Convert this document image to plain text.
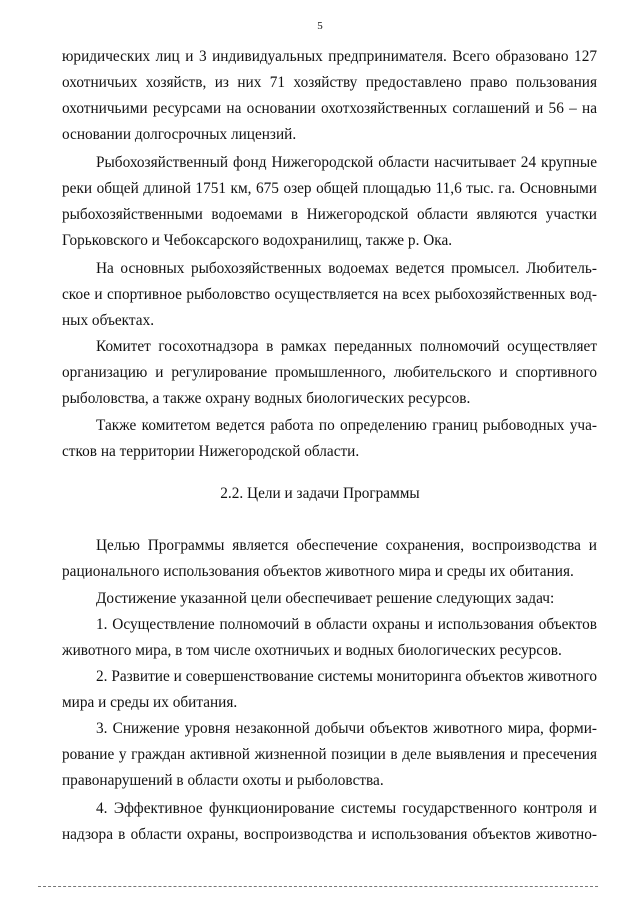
5
юридических лиц и 3 индивидуальных предпринимателя. Всего образовано 127
охотничьих хозяйств, из них 71 хозяйству предоставлено право пользования
охотничьими ресурсами на основании охотхозяйственных соглашений и 56 – на
основании долгосрочных лицензий.
Рыбохозяйственный фонд Нижегородской области насчитывает 24 крупные
реки общей длиной 1751 км, 675 озер общей площадью 11,6 тыс. га. Основными
рыбохозяйственными водоемами в Нижегородской области являются участки
Горьковского и Чебоксарского водохранилищ, также р. Ока.
На основных рыбохозяйственных водоемах ведется промысел. Любитель-
ское и спортивное рыболовство осуществляется на всех рыбохозяйственных вод-
ных объектах.
Комитет госохотнадзора в рамках переданных полномочий осуществляет
организацию и регулирование промышленного, любительского и спортивного
рыболовства, а также охрану водных биологических ресурсов.
Также комитетом ведется работа по определению границ рыбоводных уча-
стков на территории Нижегородской области.
2.2. Цели и задачи Программы
Целью Программы является обеспечение сохранения, воспроизводства и
рационального использования объектов животного мира и среды их обитания.
Достижение указанной цели обеспечивает решение следующих задач:
1. Осуществление полномочий в области охраны и использования объектов
животного мира, в том числе охотничьих и водных биологических ресурсов.
2. Развитие и совершенствование системы мониторинга объектов животного
мира и среды их обитания.
3. Снижение уровня незаконной добычи объектов животного мира, форми-
рование у граждан активной жизненной позиции в деле выявления и пресечения
правонарушений в области охоты и рыболовства.
4. Эффективное функционирование системы государственного контроля и
надзора в области охраны, воспроизводства и использования объектов животно-
